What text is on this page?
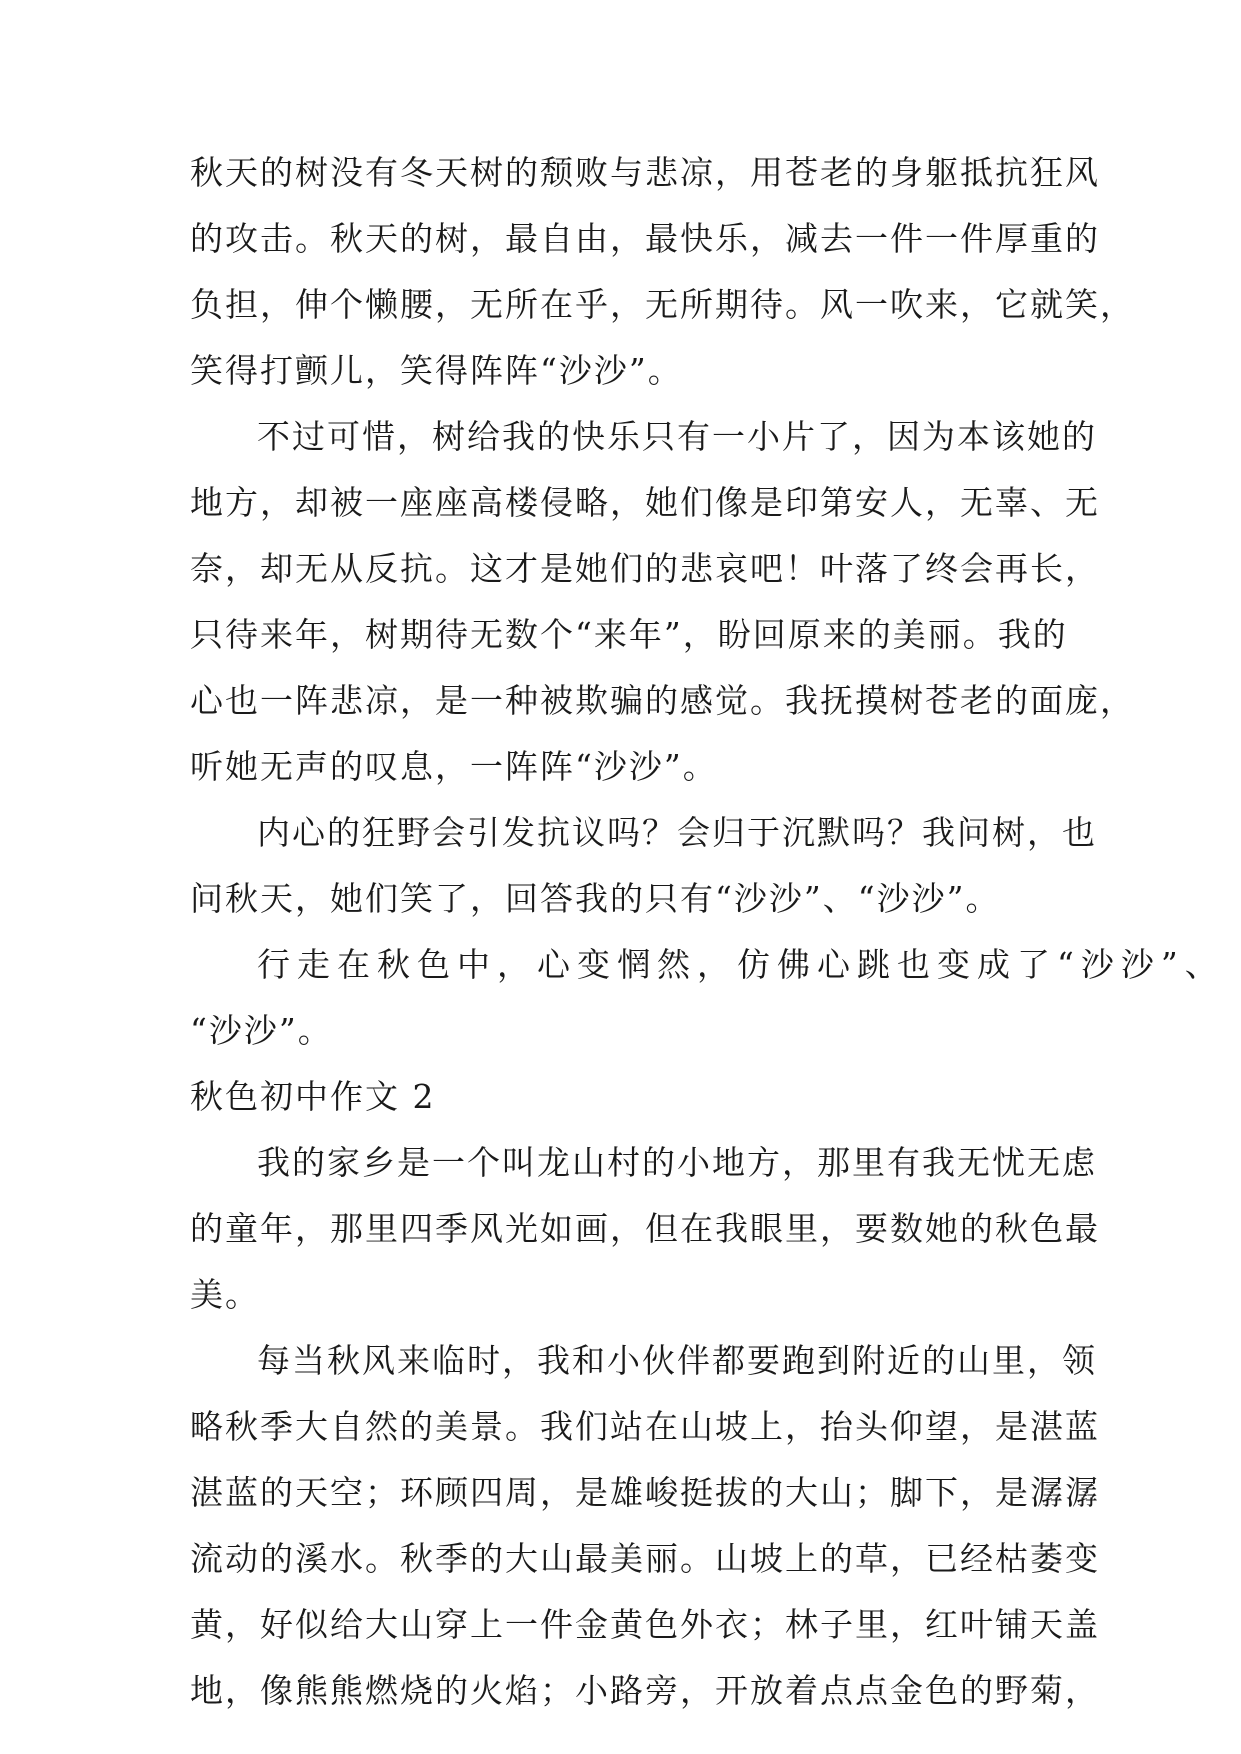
秋天的树没有冬天树的颓败与悲凉，用苍老的身躯抵抗狂风
的攻击。秋天的树，最自由，最快乐，减去一件一件厚重的
负担，伸个懒腰，无所在乎，无所期待。风一吹来，它就笑，
笑得打颤儿，笑得阵阵“沙沙”。
不过可惜，树给我的快乐只有一小片了，因为本该她的
地方，却被一座座高楼侵略，她们像是印第安人，无辜、无
奈，却无从反抗。这才是她们的悲哀吧！叶落了终会再长，
只待来年，树期待无数个“来年”，盼回原来的美丽。我的
心也一阵悲凉，是一种被欺骗的感觉。我抚摸树苍老的面庞，
听她无声的叹息，一阵阵“沙沙”。
内心的狂野会引发抗议吗？会归于沉默吗？我问树，也
问秋天，她们笑了，回答我的只有“沙沙”、“沙沙”。
行走在秋色中，心变惘然，仿佛心跳也变成了“沙沙”、
“沙沙”。
秋色初中作文 2
我的家乡是一个叫龙山村的小地方，那里有我无忧无虑
的童年，那里四季风光如画，但在我眼里，要数她的秋色最
美。
每当秋风来临时，我和小伙伴都要跑到附近的山里，领
略秋季大自然的美景。我们站在山坡上，抬头仰望，是湛蓝
湛蓝的天空；环顾四周，是雄峻挺拔的大山；脚下，是潺潺
流动的溪水。秋季的大山最美丽。山坡上的草，已经枯萎变
黄，好似给大山穿上一件金黄色外衣；林子里，红叶铺天盖
地，像熊熊燃烧的火焰；小路旁，开放着点点金色的野菊，
